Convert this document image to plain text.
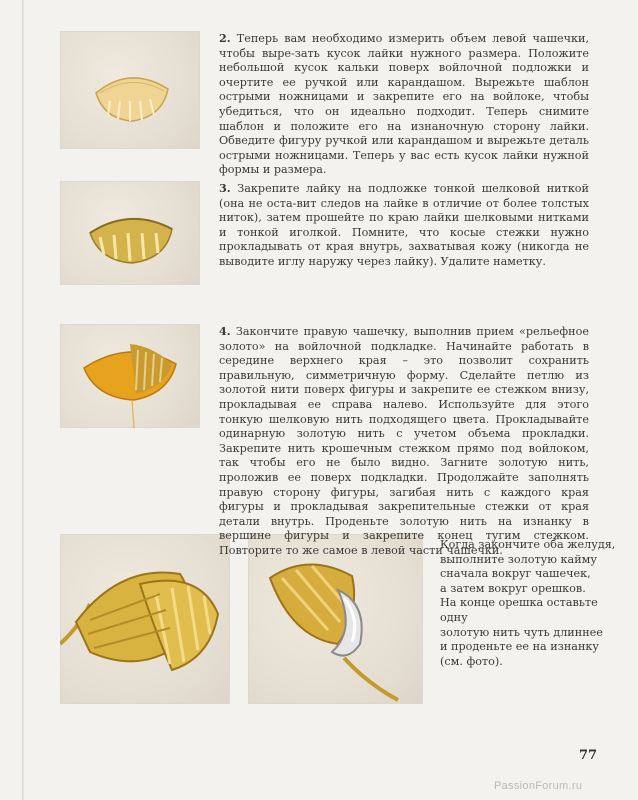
2. Теперь вам необходимо измерить объем левой чашечки, чтобы выре-зать кусок лайки нужного размера. Положите небольшой кусок кальки поверх войлочной подложки и очертите ее ручкой или карандашом. Вырежьте шаблон острыми ножницами и закрепите его на войлоке, чтобы убедиться, что он идеально подходит. Теперь снимите шаблон и положите его на изнаночную сторону лайки. Обведите фигуру ручкой или карандашом и вырежьте деталь острыми ножницами. Теперь у вас есть кусок лайки нужной формы и размера.

3. Закрепите лайку на подложке тонкой шелковой ниткой (она не оста-вит следов на лайке в отличие от более толстых ниток), затем прошейте по краю лайки шелковыми нитками и тонкой иголкой. Помните, что косые стежки нужно прокладывать от края внутрь, захватывая кожу (никогда не выводите иглу наружу через лайку). Удалите наметку.

4. Закончите правую чашечку, выполнив прием «рельефное золото» на войлочной подкладке. Начинайте работать в середине верхнего края – это позволит сохранить правильную, симметричную форму. Сделайте петлю из золотой нити поверх фигуры и закрепите ее стежком внизу, прокладывая ее справа налево. Используйте для этого тонкую шелковую нить подходящего цвета. Прокладывайте одинарную золотую нить с учетом объема прокладки. Закрепите нить крошечным стежком прямо под войлоком, так чтобы его не было видно. Загните золотую нить, проложив ее поверх подкладки. Продолжайте заполнять правую сторону фигуры, загибая нить с каждого края фигуры и прокладывая закрепительные стежки от края детали внутрь. Проденьте золотую нить на изнанку в вершине фигуры и закрепите конец тугим стежком. Повторите то же самое в левой части чашечки.

Когда закончите оба желудя,
выполните золотую кайму
сначала вокруг чашечек,
а затем вокруг орешков.
На конце орешка оставьте одну
золотую нить чуть длиннее
и проденьте ее на изнанку
(см. фото).

77
PassionForum.ru
